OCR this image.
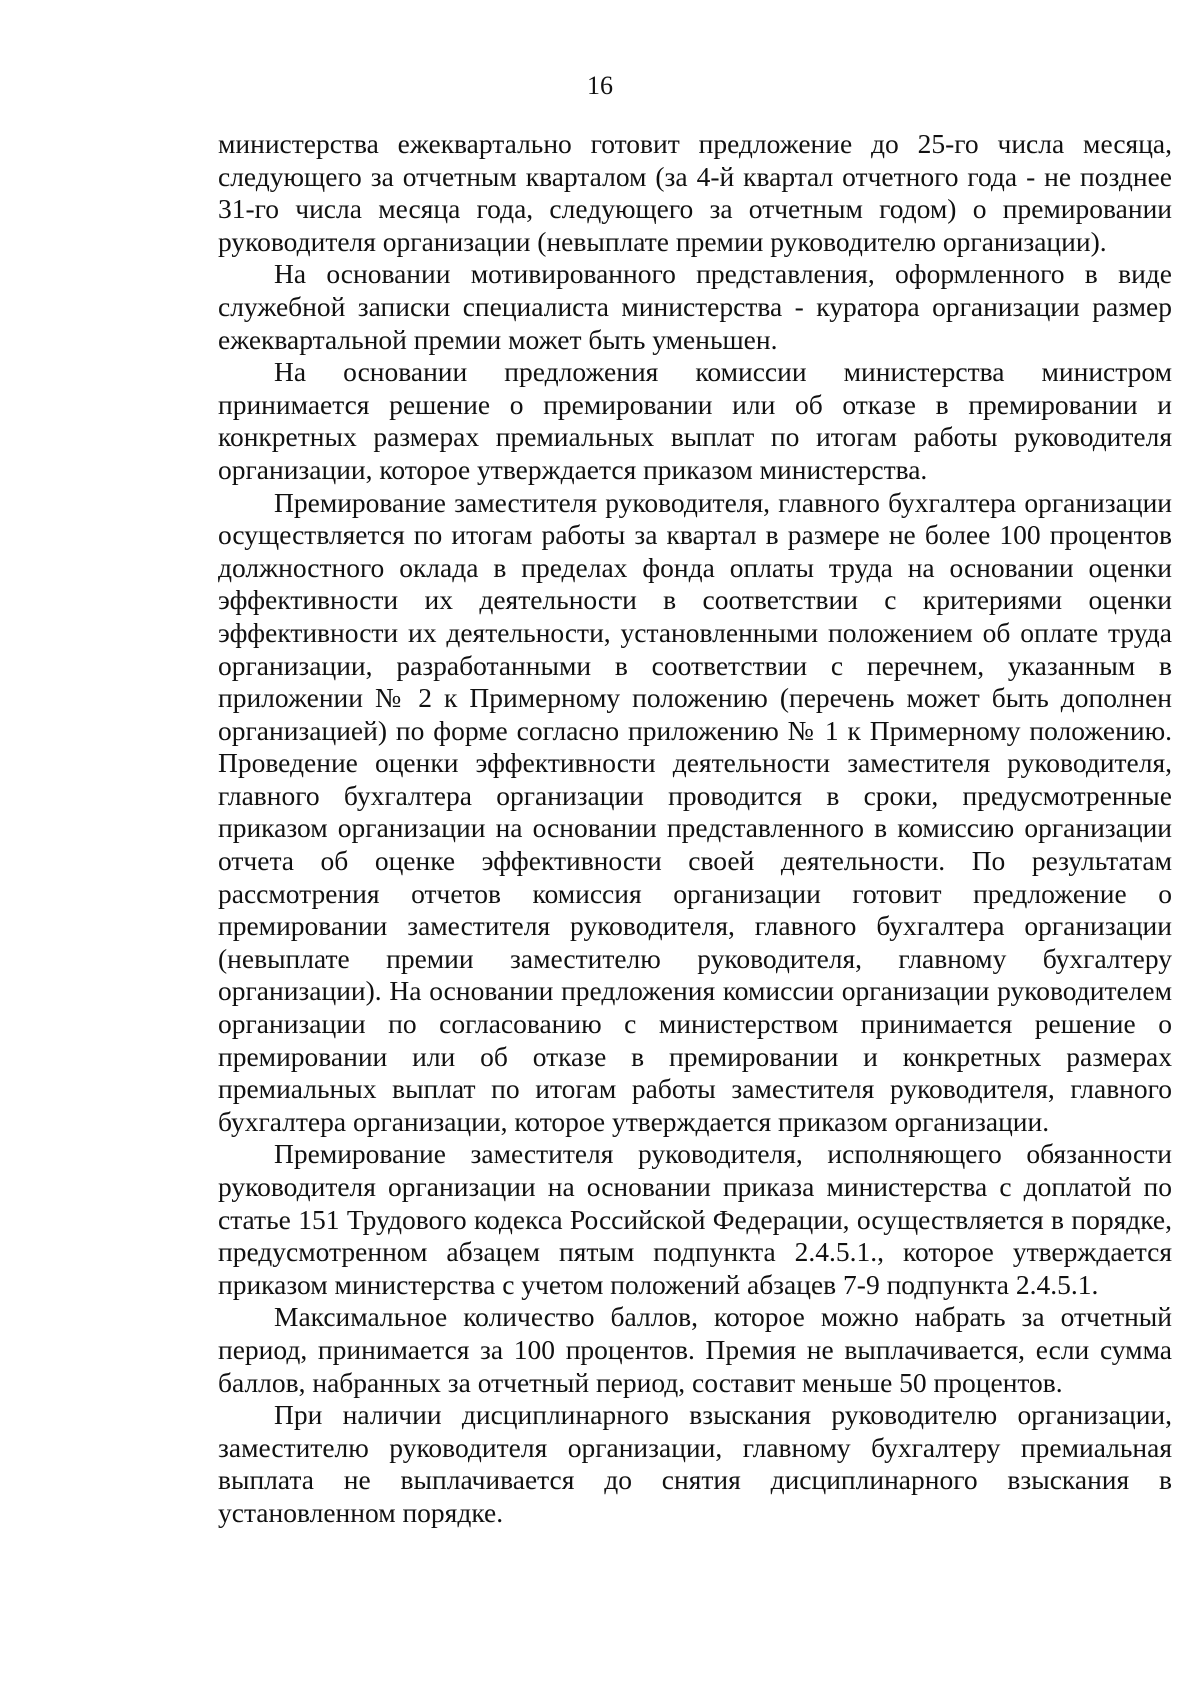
16

министерства ежеквартально готовит предложение до 25-го числа месяца, следующего за отчетным кварталом (за 4-й квартал отчетного года - не позднее 31-го числа месяца года, следующего за отчетным годом) о премировании руководителя организации (невыплате премии руководителю организации).

На основании мотивированного представления, оформленного в виде служебной записки специалиста министерства - куратора организации размер ежеквартальной премии может быть уменьшен.

На основании предложения комиссии министерства министром принимается решение о премировании или об отказе в премировании и конкретных размерах премиальных выплат по итогам работы руководителя организации, которое утверждается приказом министерства.

Премирование заместителя руководителя, главного бухгалтера организации осуществляется по итогам работы за квартал в размере не более 100 процентов должностного оклада в пределах фонда оплаты труда на основании оценки эффективности их деятельности в соответствии с критериями оценки эффективности их деятельности, установленными положением об оплате труда организации, разработанными в соответствии с перечнем, указанным в приложении № 2 к Примерному положению (перечень может быть дополнен организацией) по форме согласно приложению № 1 к Примерному положению. Проведение оценки эффективности деятельности заместителя руководителя, главного бухгалтера организации проводится в сроки, предусмотренные приказом организации на основании представленного в комиссию организации отчета об оценке эффективности своей деятельности. По результатам рассмотрения отчетов комиссия организации готовит предложение о премировании заместителя руководителя, главного бухгалтера организации (невыплате премии заместителю руководителя, главному бухгалтеру организации). На основании предложения комиссии организации руководителем организации по согласованию с министерством принимается решение о премировании или об отказе в премировании и конкретных размерах премиальных выплат по итогам работы заместителя руководителя, главного бухгалтера организации, которое утверждается приказом организации.

Премирование заместителя руководителя, исполняющего обязанности руководителя организации на основании приказа министерства с доплатой по статье 151 Трудового кодекса Российской Федерации, осуществляется в порядке, предусмотренном абзацем пятым подпункта 2.4.5.1., которое утверждается приказом министерства с учетом положений абзацев 7-9 подпункта 2.4.5.1.

Максимальное количество баллов, которое можно набрать за отчетный период, принимается за 100 процентов. Премия не выплачивается, если сумма баллов, набранных за отчетный период, составит меньше 50 процентов.

При наличии дисциплинарного взыскания руководителю организации, заместителю руководителя организации, главному бухгалтеру премиальная выплата не выплачивается до снятия дисциплинарного взыскания в установленном порядке.
